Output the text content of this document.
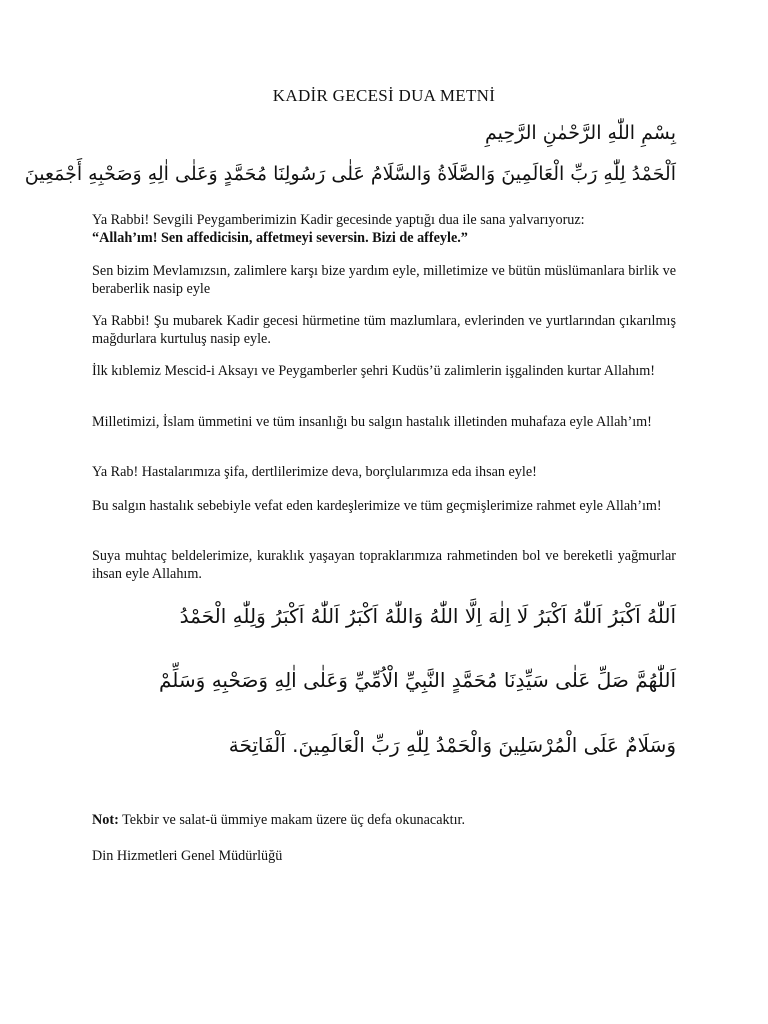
KADİR GECESİ DUA METNİ
بِسْمِ اللّٰهِ الرَّحْمٰنِ الرَّحِيمِ
اَلْحَمْدُ لِلّٰهِ رَبِّ الْعَالَمِينَ وَالصَّلَاةُ وَالسَّلَامُ عَلٰى رَسُولِنَا مُحَمَّدٍ وَعَلٰى اٰلِهِ وَصَحْبِهِ أَجْمَعِينَ
Ya Rabbi! Sevgili Peygamberimizin Kadir gecesinde yaptığı dua ile sana yalvarıyoruz:
“Allah’ım! Sen affedicisin, affetmeyi seversin. Bizi de affeyle.”
Sen bizim Mevlamızsın, zalimlere karşı bize yardım eyle, milletimize ve bütün müslümanlara birlik ve beraberlik nasip eyle
Ya Rabbi! Şu mubarek Kadir gecesi hürmetine tüm mazlumlara, evlerinden ve yurtlarından çıkarılmış mağdurlara kurtuluş nasip eyle.
İlk kıblemiz Mescid-i Aksayı ve Peygamberler şehri Kudüs’ü zalimlerin işgalinden kurtar Allahım!
Milletimizi, İslam ümmetini ve tüm insanlığı bu salgın hastalık illetinden muhafaza eyle Allah’ım!
Ya Rab! Hastalarımıza şifa, dertlilerimize deva, borçlularımıza eda ihsan eyle!
Bu salgın hastalık sebebiyle vefat eden kardeşlerimize ve tüm geçmişlerimize rahmet eyle Allah’ım!
Suya muhtaç beldelerimize, kuraklık yaşayan topraklarımıza rahmetinden bol ve bereketli yağmurlar ihsan eyle Allahım.
اَللّٰهُ اَكْبَرُ اَللّٰهُ اَكْبَرُ لَا اِلٰهَ اِلَّا اللّٰهُ وَاللّٰهُ اَكْبَرُ اَللّٰهُ اَكْبَرُ وَلِلّٰهِ الْحَمْدُ
اَللّٰهُمَّ صَلِّ عَلٰى سَيِّدِنَا مُحَمَّدٍ النَّبِيِّ الْاُمِّيِّ وَعَلٰى اٰلِهِ وَصَحْبِهِ وَسَلِّمْ
وَسَلَامٌ عَلَى الْمُرْسَلِينَ وَالْحَمْدُ لِلّٰهِ رَبِّ الْعَالَمِينَ. اَلْفَاتِحَة
Not: Tekbir ve salat-ü ümmiye makam üzere üç defa okunacaktır.
Din Hizmetleri Genel Müdürlüğü
